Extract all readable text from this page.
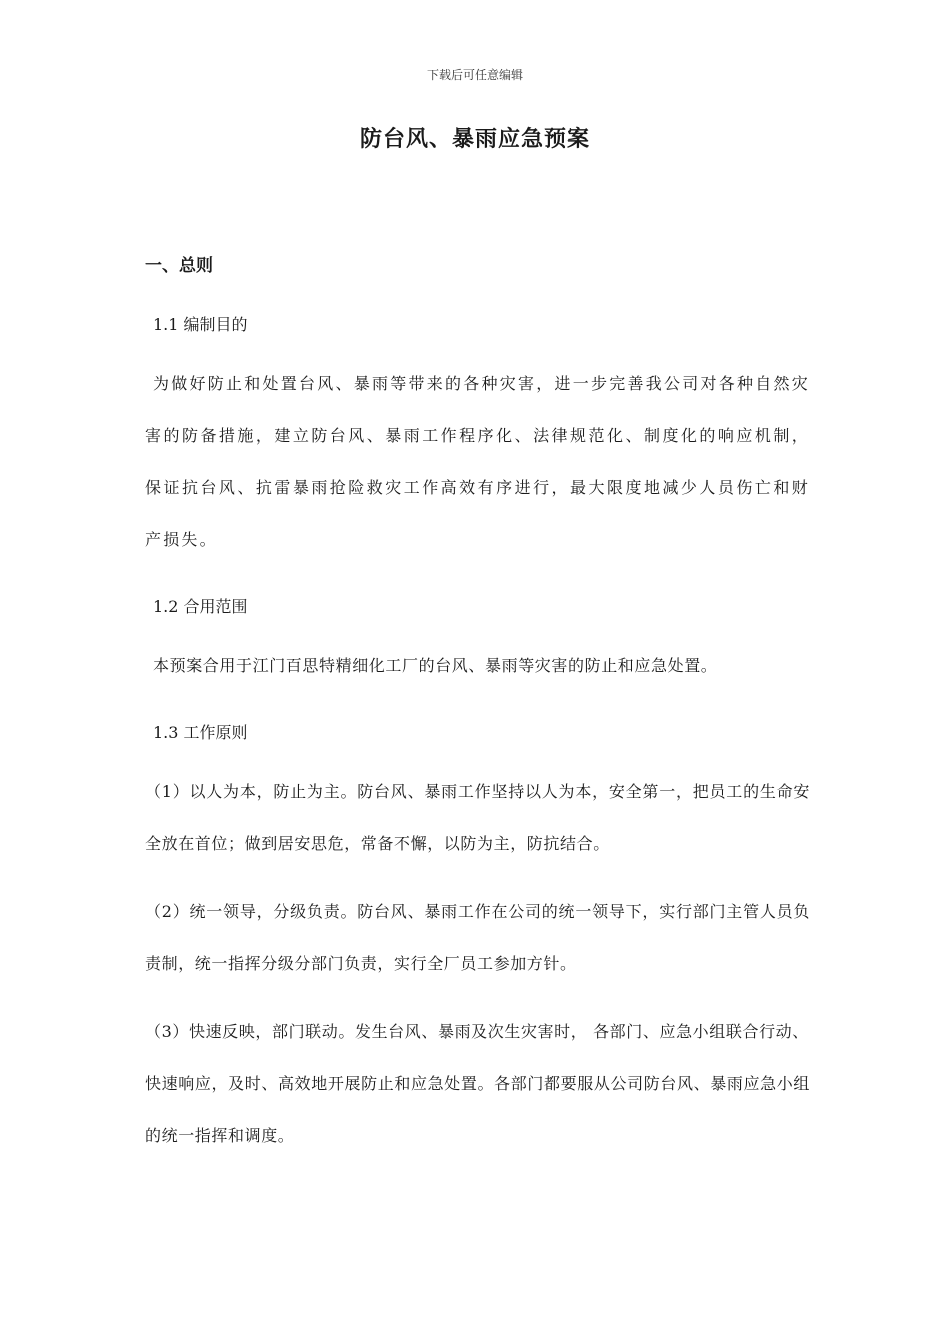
下载后可任意编辑
防台风、暴雨应急预案
一、总则
1.1 编制目的
为做好防止和处置台风、暴雨等带来的各种灾害，进一步完善我公司对各种自然灾害的防备措施，建立防台风、暴雨工作程序化、法律规范化、制度化的响应机制，保证抗台风、抗雷暴雨抢险救灾工作高效有序进行，最大限度地减少人员伤亡和财产损失。
1.2 合用范围
本预案合用于江门百思特精细化工厂的台风、暴雨等灾害的防止和应急处置。
1.3 工作原则
（1）以人为本，防止为主。防台风、暴雨工作坚持以人为本，安全第一，把员工的生命安全放在首位；做到居安思危，常备不懈，以防为主，防抗结合。
（2）统一领导，分级负责。防台风、暴雨工作在公司的统一领导下，实行部门主管人员负责制，统一指挥分级分部门负责，实行全厂员工参加方针。
（3）快速反映，部门联动。发生台风、暴雨及次生灾害时， 各部门、应急小组联合行动、
快速响应，及时、高效地开展防止和应急处置。各部门都要服从公司防台风、暴雨应急小组的统一指挥和调度。
